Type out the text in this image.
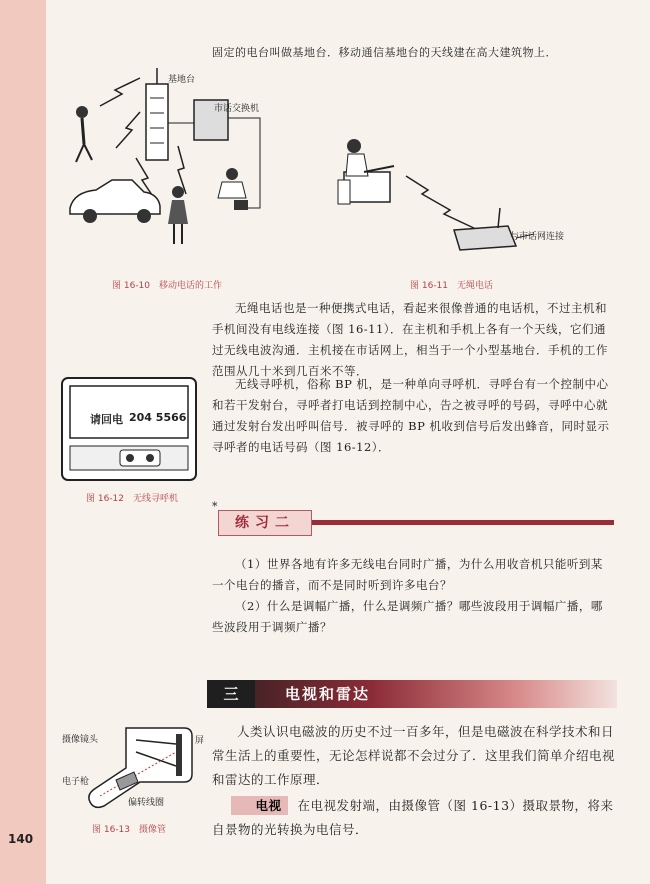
140
固定的电台叫做基地台．移动通信基地台的天线建在高大建筑物上．
基地台
市话交换机
图 16-10　移动电话的工作
与市话网连接
图 16-11　无绳电话
无绳电话也是一种便携式电话，看起来很像普通的电话机，不过主机和手机间没有电线连接（图 16-11）．在主机和手机上各有一个天线，它们通过无线电波沟通．主机接在市话网上，相当于一个小型基地台．手机的工作范围从几十米到几百米不等．
请回电 204 5566
图 16-12　无线寻呼机
无线寻呼机，俗称 BP 机，是一种单向寻呼机．寻呼台有一个控制中心和若干发射台，寻呼者打电话到控制中心，告之被寻呼的号码，寻呼中心就通过发射台发出呼叫信号．被寻呼的 BP 机收到信号后发出蜂音，同时显示寻呼者的电话号码（图 16-12）．
*
练习二
（1）世界各地有许多无线电台同时广播，为什么用收音机只能听到某一个电台的播音，而不是同时听到许多电台？
（2）什么是调幅广播，什么是调频广播？哪些波段用于调幅广播，哪些波段用于调频广播？
三	电视和雷达
人类认识电磁波的历史不过一百多年，但是电磁波在科学技术和日常生活上的重要性，无论怎样说都不会过分了．这里我们简单介绍电视和雷达的工作原理．
电视 在电视发射端，由摄像管（图 16-13）摄取景物，将来自景物的光转换为电信号．
摄像镜头	屏
电子枪
偏转线圈
图 16-13　摄像管
